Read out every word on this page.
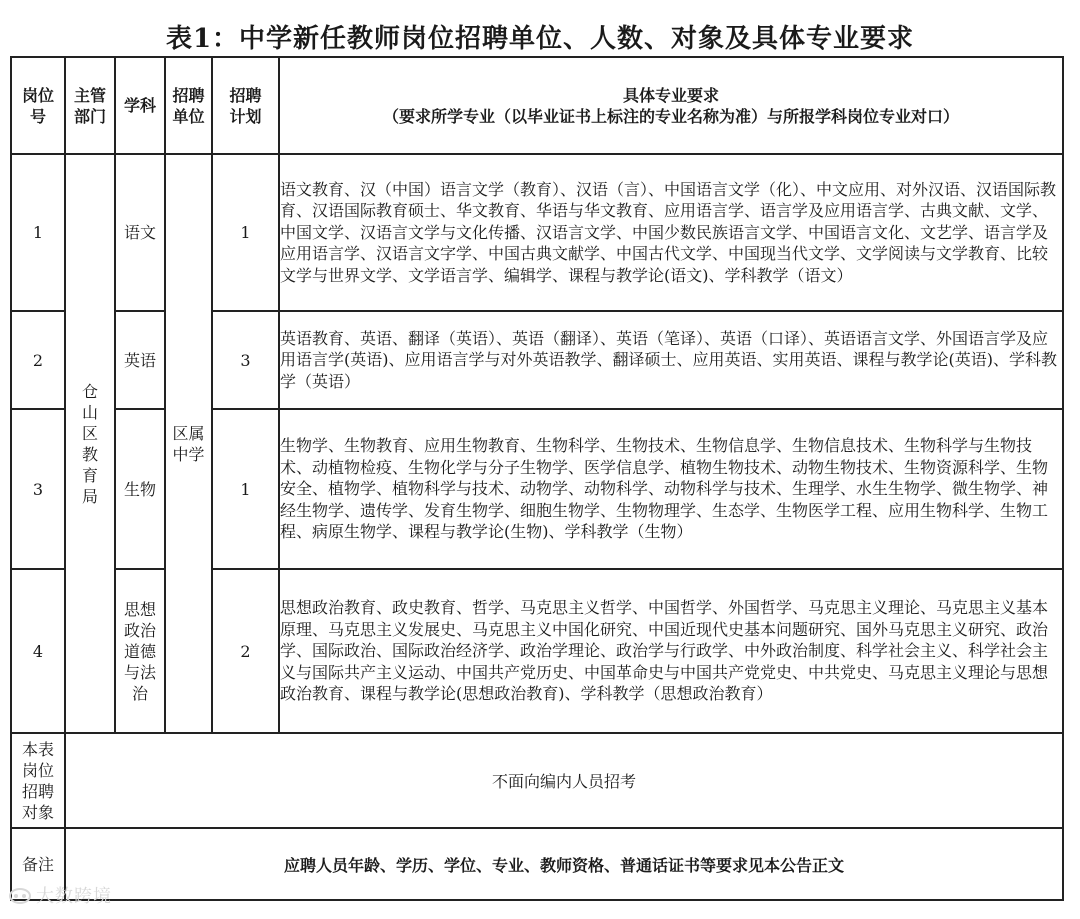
表1：中学新任教师岗位招聘单位、人数、对象及具体专业要求
岗位号	主管部门	学科	招聘单位	招聘计划	具体专业要求
（要求所学专业（以毕业证书上标注的专业名称为准）与所报学科岗位专业对口）

1	仓山区教育局	语文	区属中学	1	语文教育、汉（中国）语言文学（教育）、汉语（言）、中国语言文学（化）、中文应用、对外汉语、汉语国际教育、汉语国际教育硕士、华文教育、华语与华文教育、应用语言学、语言学及应用语言学、古典文献、文学、中国文学、汉语言文学与文化传播、汉语言文学、中国少数民族语言文学、中国语言文化、文艺学、语言学及应用语言学、汉语言文字学、中国古典文献学、中国古代文学、中国现当代文学、文学阅读与文学教育、比较文学与世界文学、文学语言学、编辑学、课程与教学论(语文)、学科教学（语文）
2		英语		3	英语教育、英语、翻译（英语）、英语（翻译）、英语（笔译）、英语（口译）、英语语言文学、外国语言学及应用语言学(英语)、应用语言学与对外英语教学、翻译硕士、应用英语、实用英语、课程与教学论(英语)、学科教学（英语）
3		生物		1	生物学、生物教育、应用生物教育、生物科学、生物技术、生物信息学、生物信息技术、生物科学与生物技术、动植物检疫、生物化学与分子生物学、医学信息学、植物生物技术、动物生物技术、生物资源科学、生物安全、植物学、植物科学与技术、动物学、动物科学、动物科学与技术、生理学、水生生物学、微生物学、神经生物学、遗传学、发育生物学、细胞生物学、生物物理学、生态学、生物医学工程、应用生物科学、生物工程、病原生物学、课程与教学论(生物)、学科教学（生物）
4		思想政治道德与法治		2	思想政治教育、政史教育、哲学、马克思主义哲学、中国哲学、外国哲学、马克思主义理论、马克思主义基本原理、马克思主义发展史、马克思主义中国化研究、中国近现代史基本问题研究、国外马克思主义研究、政治学、国际政治、国际政治经济学、政治学理论、政治学与行政学、中外政治制度、科学社会主义、科学社会主义与国际共产主义运动、中国共产党历史、中国革命史与中国共产党党史、中共党史、马克思主义理论与思想政治教育、课程与教学论(思想政治教育)、学科教学（思想政治教育）
本表岗位招聘对象	不面向编内人员招考				
备注	应聘人员年龄、学历、学位、专业、教师资格、普通话证书等要求见本公告正文				
大数跨境
